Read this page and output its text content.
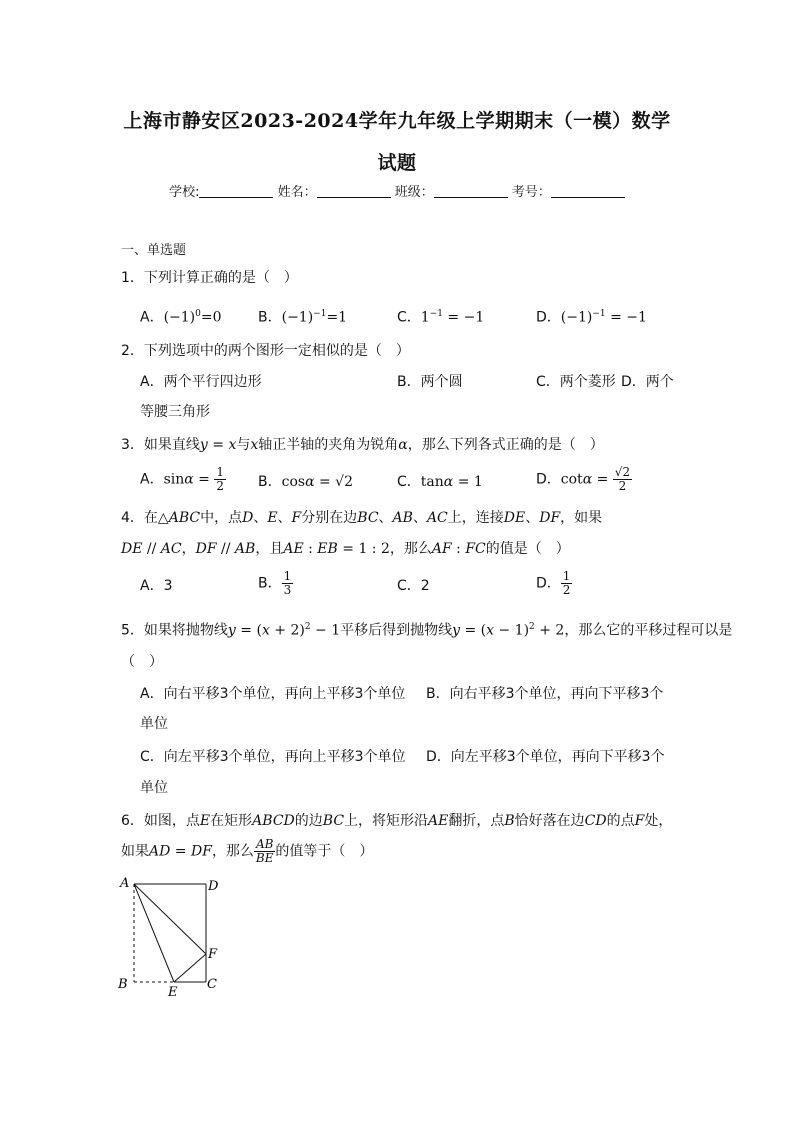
上海市静安区2023-2024学年九年级上学期期末（一模）数学
试题
学校:	姓名：	班级：	考号：
一、单选题
1．下列计算正确的是（　）
A．$(-1)^0=0$	B．$(-1)^{-1}=1$	C．$1^{-1} = -1$	D．$(-1)^{-1} = -1$
2．下列选项中的两个图形一定相似的是（　）
A．两个平行四边形	B．两个圆	C．两个菱形 D．两个
等腰三角形
3．如果直线y = x与x轴正半轴的夹角为锐角α，那么下列各式正确的是（　）
A．$\sin\alpha = \frac{1}{2}$ B．cosα = √2	C．tanα = 1	D．$\cot\alpha = \frac{√2}{2}$
4．在△ABC中，点D、E、F分别在边BC、AB、AC上，连接DE、DF，如果
DE // AC，DF // AB，且AE : EB = 1 : 2，那么AF : FC的值是（　）
A．3	B． $\frac{1}{3}$	C．2	D． $\frac{1}{2}$
5．如果将抛物线$y = (x + 2)^2 - 1$平移后得到抛物线$y = (x - 1)^2 + 2$，那么它的平移过程可以是
（　）
A．向右平移3个单位，再向上平移3个单位 B．向右平移3个单位，再向下平移3个
单位
C．向左平移3个单位，再向上平移3个单位 D．向左平移3个单位，再向下平移3个
单位
6．如图，点E在矩形ABCD的边BC上，将矩形沿AE翻折，点B恰好落在边CD的点F处，
如果AD = DF，那么 $\frac{AB}{BE}$ 的值等于（　）
A	D
F
B
E
C
